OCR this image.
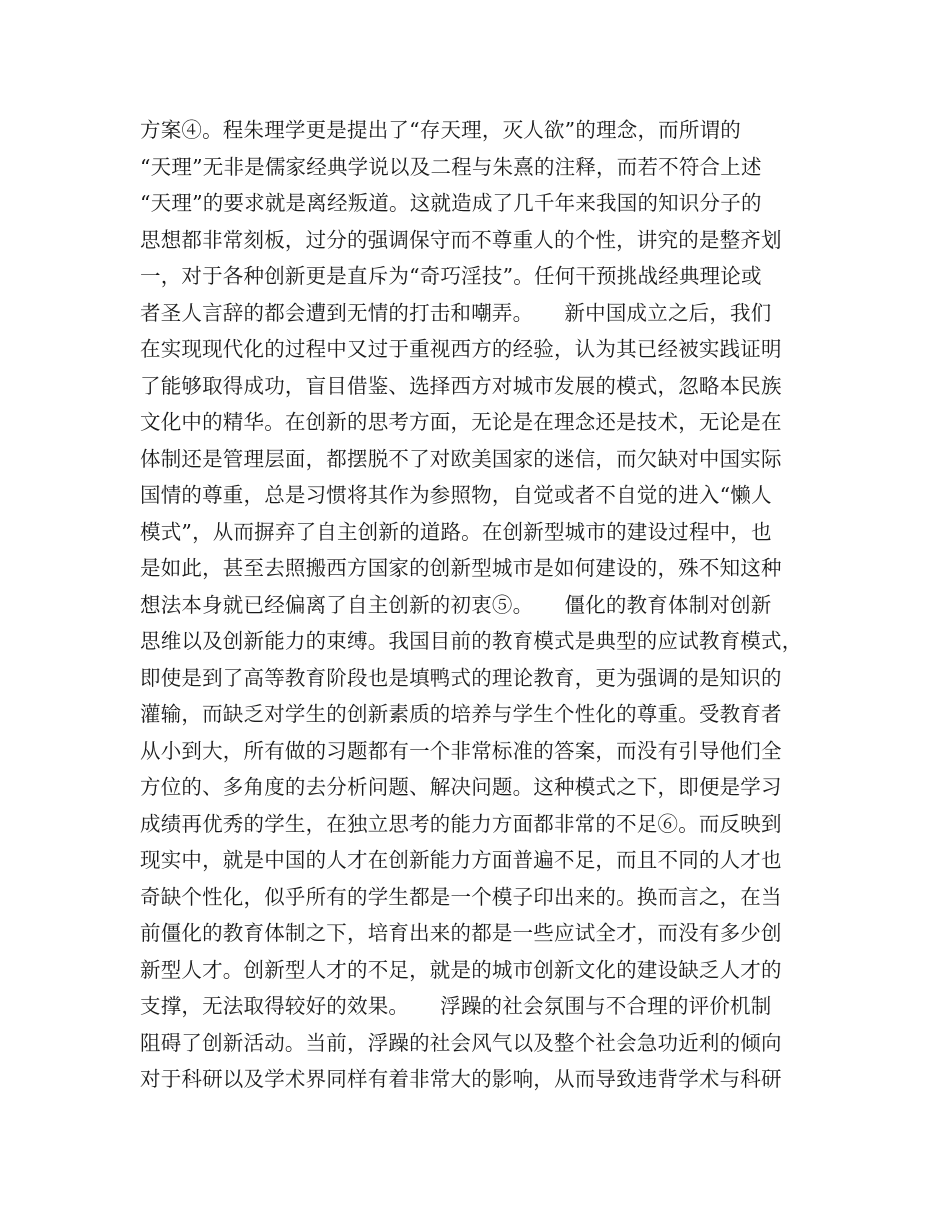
方案④。程朱理学更是提出了“存天理，灭人欲”的理念，而所谓的
“天理”无非是儒家经典学说以及二程与朱熹的注释，而若不符合上述
“天理”的要求就是离经叛道。这就造成了几千年来我国的知识分子的
思想都非常刻板，过分的强调保守而不尊重人的个性，讲究的是整齐划
一，对于各种创新更是直斥为“奇巧淫技”。任何干预挑战经典理论或
者圣人言辞的都会遭到无情的打击和嘲弄。　　新中国成立之后，我们
在实现现代化的过程中又过于重视西方的经验，认为其已经被实践证明
了能够取得成功，盲目借鉴、选择西方对城市发展的模式，忽略本民族
文化中的精华。在创新的思考方面，无论是在理念还是技术，无论是在
体制还是管理层面，都摆脱不了对欧美国家的迷信，而欠缺对中国实际
国情的尊重，总是习惯将其作为参照物，自觉或者不自觉的进入“懒人
模式”，从而摒弃了自主创新的道路。在创新型城市的建设过程中，也
是如此，甚至去照搬西方国家的创新型城市是如何建设的，殊不知这种
想法本身就已经偏离了自主创新的初衷⑤。　　僵化的教育体制对创新
思维以及创新能力的束缚。我国目前的教育模式是典型的应试教育模式，
即使是到了高等教育阶段也是填鸭式的理论教育，更为强调的是知识的
灌输，而缺乏对学生的创新素质的培养与学生个性化的尊重。受教育者
从小到大，所有做的习题都有一个非常标准的答案，而没有引导他们全
方位的、多角度的去分析问题、解决问题。这种模式之下，即便是学习
成绩再优秀的学生，在独立思考的能力方面都非常的不足⑥。而反映到
现实中，就是中国的人才在创新能力方面普遍不足，而且不同的人才也
奇缺个性化，似乎所有的学生都是一个模子印出来的。换而言之，在当
前僵化的教育体制之下，培育出来的都是一些应试全才，而没有多少创
新型人才。创新型人才的不足，就是的城市创新文化的建设缺乏人才的
支撑，无法取得较好的效果。　　浮躁的社会氛围与不合理的评价机制
阻碍了创新活动。当前，浮躁的社会风气以及整个社会急功近利的倾向
对于科研以及学术界同样有着非常大的影响，从而导致违背学术与科研
